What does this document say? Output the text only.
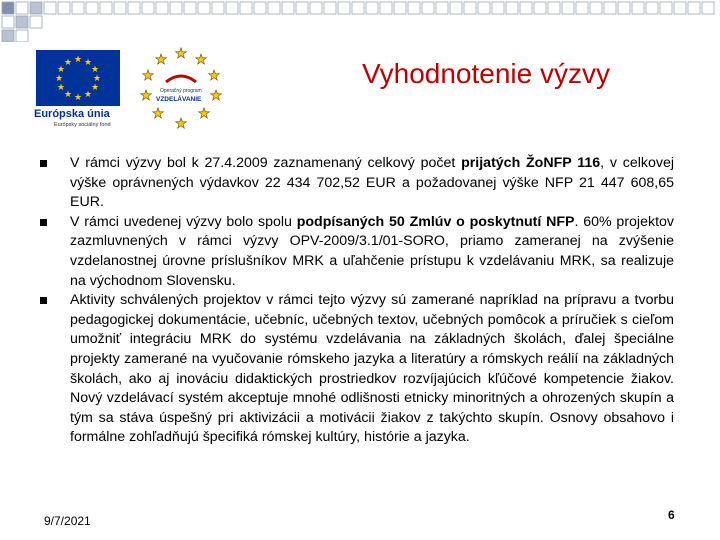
★ ★
★
★
★
★
★
★
★
★
★
★
Európska únia
Európsky sociálny fond
★ ★
★
★
★
★
★
★
★
★
Operačný program
VZDELÁVANIE
Vyhodnotenie výzvy
V rámci výzvy bol k 27.4.2009 zaznamenaný celkový počet prijatých ŽoNFP 116, v celkovej výške oprávnených výdavkov 22 434 702,52 EUR a požadovanej výške NFP 21 447 608,65 EUR.
V rámci uvedenej výzvy bolo spolu podpísaných 50 Zmlúv o poskytnutí NFP. 60% projektov zazmluvnených v rámci výzvy OPV-2009/3.1/01-SORO, priamo zameranej na zvýšenie vzdelanostnej úrovne príslušníkov MRK a uľahčenie prístupu k vzdelávaniu MRK, sa realizuje na východnom Slovensku.
Aktivity schválených projektov v rámci tejto výzvy sú zamerané napríklad na prípravu a tvorbu pedagogickej dokumentácie, učebníc, učebných textov, učebných pomôcok a príručiek s cieľom umožniť integráciu MRK do systému vzdelávania na základných školách, ďalej špeciálne projekty zamerané na vyučovanie rómskeho jazyka a literatúry a rómskych reálií na základných školách, ako aj inováciu didaktických prostriedkov rozvíjajúcich kľúčové kompetencie žiakov. Nový vzdelávací systém akceptuje mnohé odlišnosti etnicky minoritných a ohrozených skupín a tým sa stáva úspešný pri aktivizácii a motivácii žiakov z takýchto skupín. Osnovy obsahovo i formálne zohľadňujú špecifiká rómskej kultúry, histórie a jazyka.
9/7/2021	6
